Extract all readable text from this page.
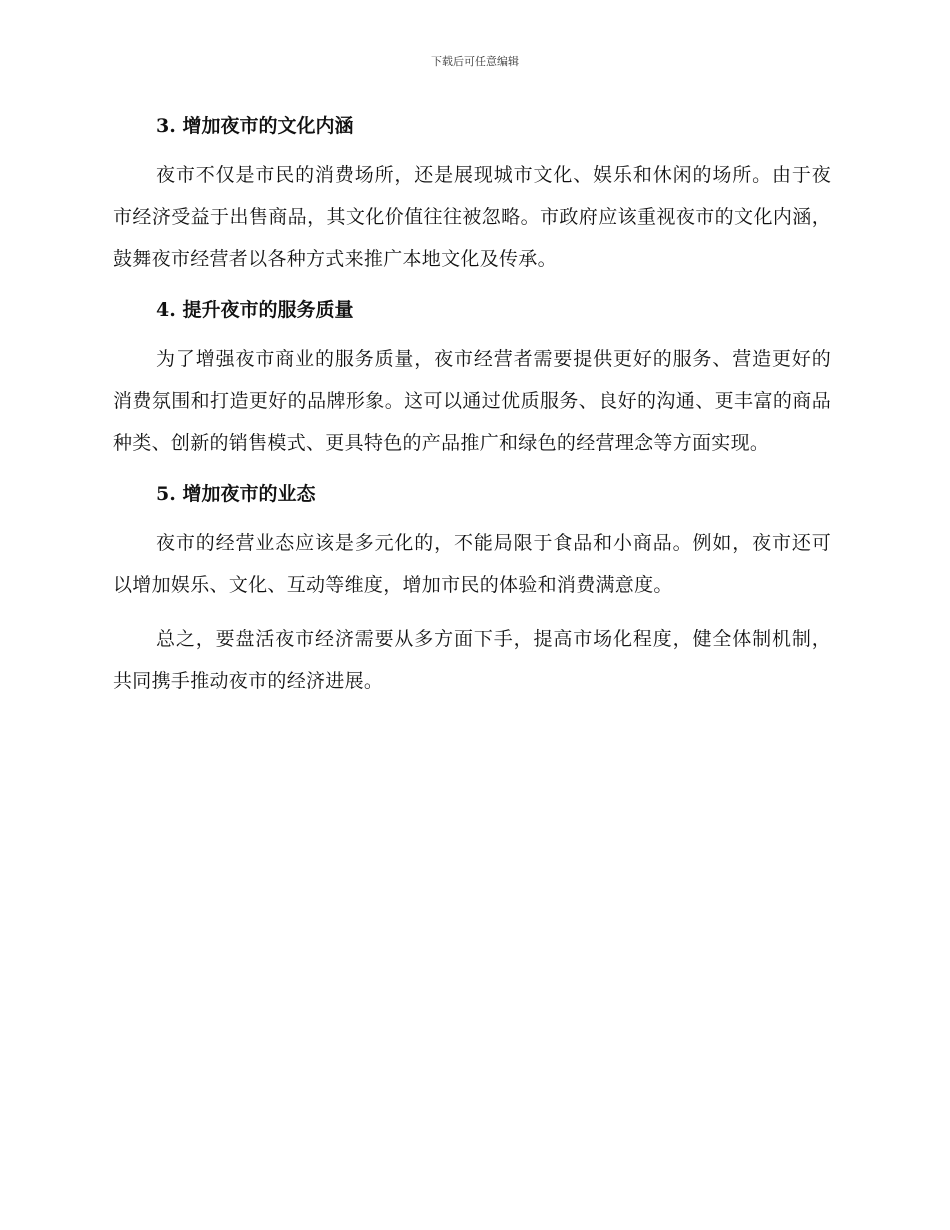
下载后可任意编辑
3. 增加夜市的文化内涵

夜市不仅是市民的消费场所，还是展现城市文化、娱乐和休闲的场所。由于夜市经济受益于出售商品，其文化价值往往被忽略。市政府应该重视夜市的文化内涵，鼓舞夜市经营者以各种方式来推广本地文化及传承。

4. 提升夜市的服务质量

为了增强夜市商业的服务质量，夜市经营者需要提供更好的服务、营造更好的消费氛围和打造更好的品牌形象。这可以通过优质服务、良好的沟通、更丰富的商品种类、创新的销售模式、更具特色的产品推广和绿色的经营理念等方面实现。

5. 增加夜市的业态

夜市的经营业态应该是多元化的，不能局限于食品和小商品。例如，夜市还可以增加娱乐、文化、互动等维度，增加市民的体验和消费满意度。

总之，要盘活夜市经济需要从多方面下手，提高市场化程度，健全体制机制，共同携手推动夜市的经济进展。
